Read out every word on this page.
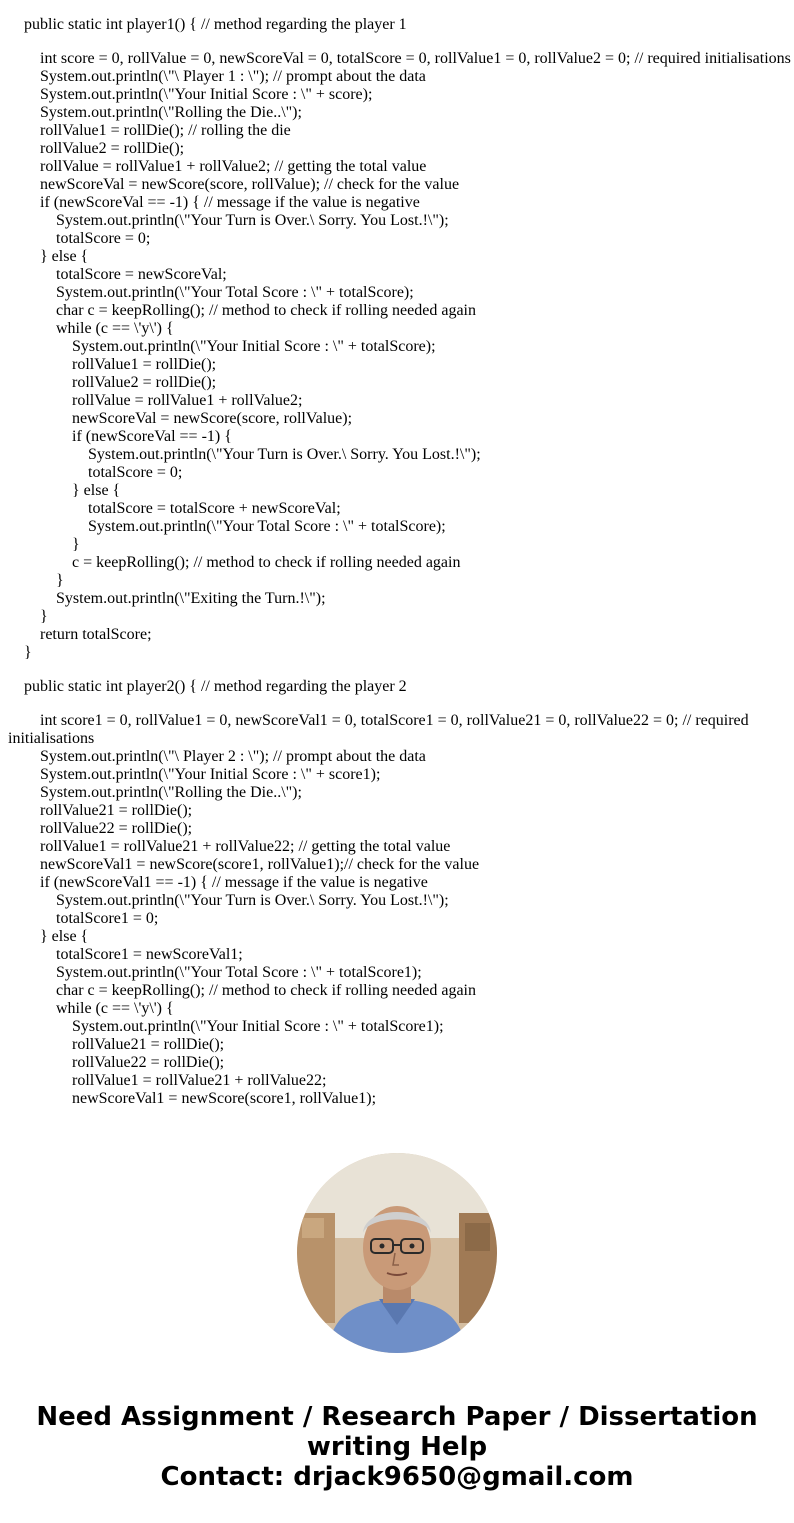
public static int player1() { // method regarding the player 1
int score = 0, rollValue = 0, newScoreVal = 0, totalScore = 0, rollValue1 = 0, rollValue2 = 0; // required initialisations
System.out.println(\"\ Player 1 : \"); // prompt about the data
System.out.println(\"Your Initial Score : \" + score);
System.out.println(\"Rolling the Die..\");
rollValue1 = rollDie(); // rolling the die
rollValue2 = rollDie();
rollValue = rollValue1 + rollValue2; // getting the total value
newScoreVal = newScore(score, rollValue); // check for the value
if (newScoreVal == -1) { // message if the value is negative
System.out.println(\"Your Turn is Over.\ Sorry. You Lost.!\");
totalScore = 0;
} else {
totalScore = newScoreVal;
System.out.println(\"Your Total Score : \" + totalScore);
char c = keepRolling(); // method to check if rolling needed again
while (c == \'y\') {
System.out.println(\"Your Initial Score : \" + totalScore);
rollValue1 = rollDie();
rollValue2 = rollDie();
rollValue = rollValue1 + rollValue2;
newScoreVal = newScore(score, rollValue);
if (newScoreVal == -1) {
System.out.println(\"Your Turn is Over.\ Sorry. You Lost.!\");
totalScore = 0;
} else {
totalScore = totalScore + newScoreVal;
System.out.println(\"Your Total Score : \" + totalScore);
}
c = keepRolling(); // method to check if rolling needed again
}
System.out.println(\"Exiting the Turn.!\");
}
return totalScore;
}
public static int player2() { // method regarding the player 2
int score1 = 0, rollValue1 = 0, newScoreVal1 = 0, totalScore1 = 0, rollValue21 = 0, rollValue22 = 0; // required initialisations
System.out.println(\"\ Player 2 : \"); // prompt about the data
System.out.println(\"Your Initial Score : \" + score1);
System.out.println(\"Rolling the Die..\");
rollValue21 = rollDie();
rollValue22 = rollDie();
rollValue1 = rollValue21 + rollValue22; // getting the total value
newScoreVal1 = newScore(score1, rollValue1);// check for the value
if (newScoreVal1 == -1) { // message if the value is negative
System.out.println(\"Your Turn is Over.\ Sorry. You Lost.!\");
totalScore1 = 0;
} else {
totalScore1 = newScoreVal1;
System.out.println(\"Your Total Score : \" + totalScore1);
char c = keepRolling(); // method to check if rolling needed again
while (c == \'y\') {
System.out.println(\"Your Initial Score : \" + totalScore1);
rollValue21 = rollDie();
rollValue22 = rollDie();
rollValue1 = rollValue21 + rollValue22;
newScoreVal1 = newScore(score1, rollValue1);
Need Assignment / Research Paper / Dissertation
writing Help
Contact: drjack9650@gmail.com
